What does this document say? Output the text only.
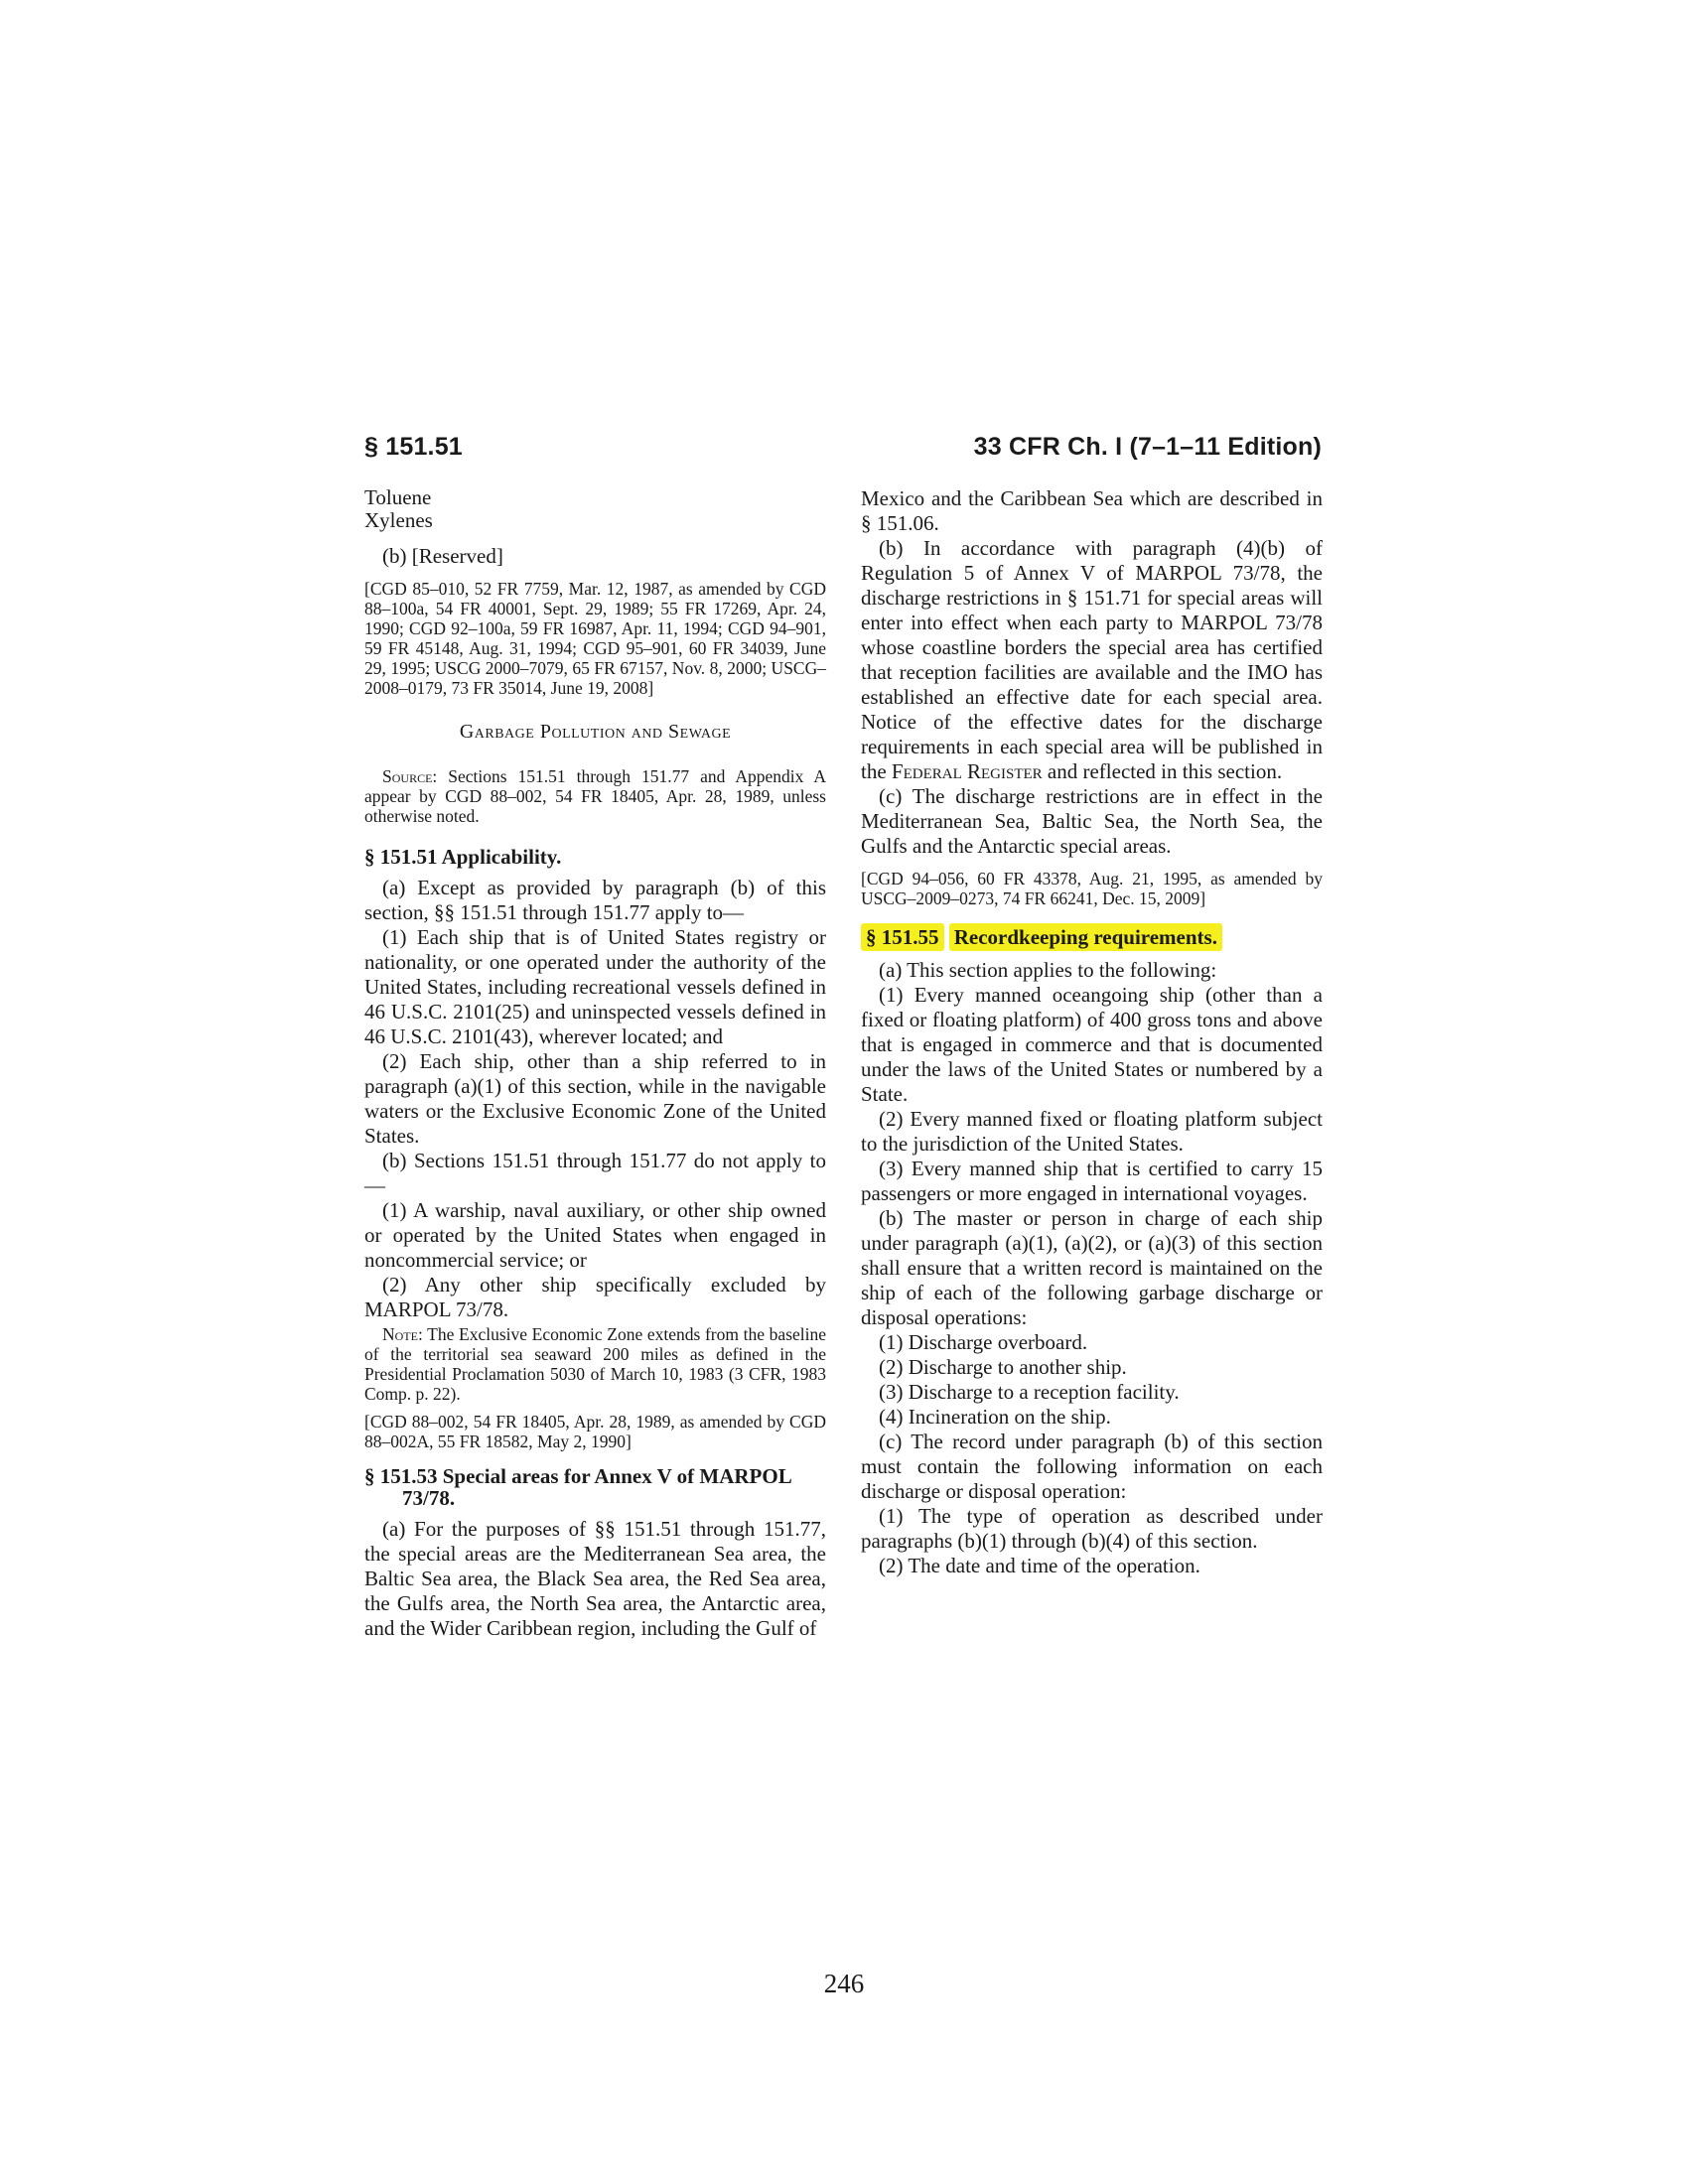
§ 151.51	33 CFR Ch. I (7–1–11 Edition)
Toluene
Xylenes

(b) [Reserved]

[CGD 85–010, 52 FR 7759, Mar. 12, 1987, as amended by CGD 88–100a, 54 FR 40001, Sept. 29, 1989; 55 FR 17269, Apr. 24, 1990; CGD 92–100a, 59 FR 16987, Apr. 11, 1994; CGD 94–901, 59 FR 45148, Aug. 31, 1994; CGD 95–901, 60 FR 34039, June 29, 1995; USCG 2000–7079, 65 FR 67157, Nov. 8, 2000; USCG–2008–0179, 73 FR 35014, June 19, 2008]

Garbage Pollution and Sewage

Source: Sections 151.51 through 151.77 and Appendix A appear by CGD 88–002, 54 FR 18405, Apr. 28, 1989, unless otherwise noted.

§ 151.51 Applicability.

(a) Except as provided by paragraph (b) of this section, §§ 151.51 through 151.77 apply to—

(1) Each ship that is of United States registry or nationality, or one operated under the authority of the United States, including recreational vessels defined in 46 U.S.C. 2101(25) and uninspected vessels defined in 46 U.S.C. 2101(43), wherever located; and

(2) Each ship, other than a ship referred to in paragraph (a)(1) of this section, while in the navigable waters or the Exclusive Economic Zone of the United States.

(b) Sections 151.51 through 151.77 do not apply to—

(1) A warship, naval auxiliary, or other ship owned or operated by the United States when engaged in noncommercial service; or

(2) Any other ship specifically excluded by MARPOL 73/78.

Note: The Exclusive Economic Zone extends from the baseline of the territorial sea seaward 200 miles as defined in the Presidential Proclamation 5030 of March 10, 1983 (3 CFR, 1983 Comp. p. 22).

[CGD 88–002, 54 FR 18405, Apr. 28, 1989, as amended by CGD 88–002A, 55 FR 18582, May 2, 1990]

§ 151.53 Special areas for Annex V of MARPOL 73/78.

(a) For the purposes of §§ 151.51 through 151.77, the special areas are the Mediterranean Sea area, the Baltic Sea area, the Black Sea area, the Red Sea area, the Gulfs area, the North Sea area, the Antarctic area, and the Wider Caribbean region, including the Gulf of

Mexico and the Caribbean Sea which are described in § 151.06.

(b) In accordance with paragraph (4)(b) of Regulation 5 of Annex V of MARPOL 73/78, the discharge restrictions in § 151.71 for special areas will enter into effect when each party to MARPOL 73/78 whose coastline borders the special area has certified that reception facilities are available and the IMO has established an effective date for each special area. Notice of the effective dates for the discharge requirements in each special area will be published in the Federal Register and reflected in this section.

(c) The discharge restrictions are in effect in the Mediterranean Sea, Baltic Sea, the North Sea, the Gulfs and the Antarctic special areas.

[CGD 94–056, 60 FR 43378, Aug. 21, 1995, as amended by USCG–2009–0273, 74 FR 66241, Dec. 15, 2009]

§ 151.55 Recordkeeping requirements.

(a) This section applies to the following:

(1) Every manned oceangoing ship (other than a fixed or floating platform) of 400 gross tons and above that is engaged in commerce and that is documented under the laws of the United States or numbered by a State.

(2) Every manned fixed or floating platform subject to the jurisdiction of the United States.

(3) Every manned ship that is certified to carry 15 passengers or more engaged in international voyages.

(b) The master or person in charge of each ship under paragraph (a)(1), (a)(2), or (a)(3) of this section shall ensure that a written record is maintained on the ship of each of the following garbage discharge or disposal operations:

(1) Discharge overboard.

(2) Discharge to another ship.

(3) Discharge to a reception facility.

(4) Incineration on the ship.

(c) The record under paragraph (b) of this section must contain the following information on each discharge or disposal operation:

(1) The type of operation as described under paragraphs (b)(1) through (b)(4) of this section.

(2) The date and time of the operation.

246
